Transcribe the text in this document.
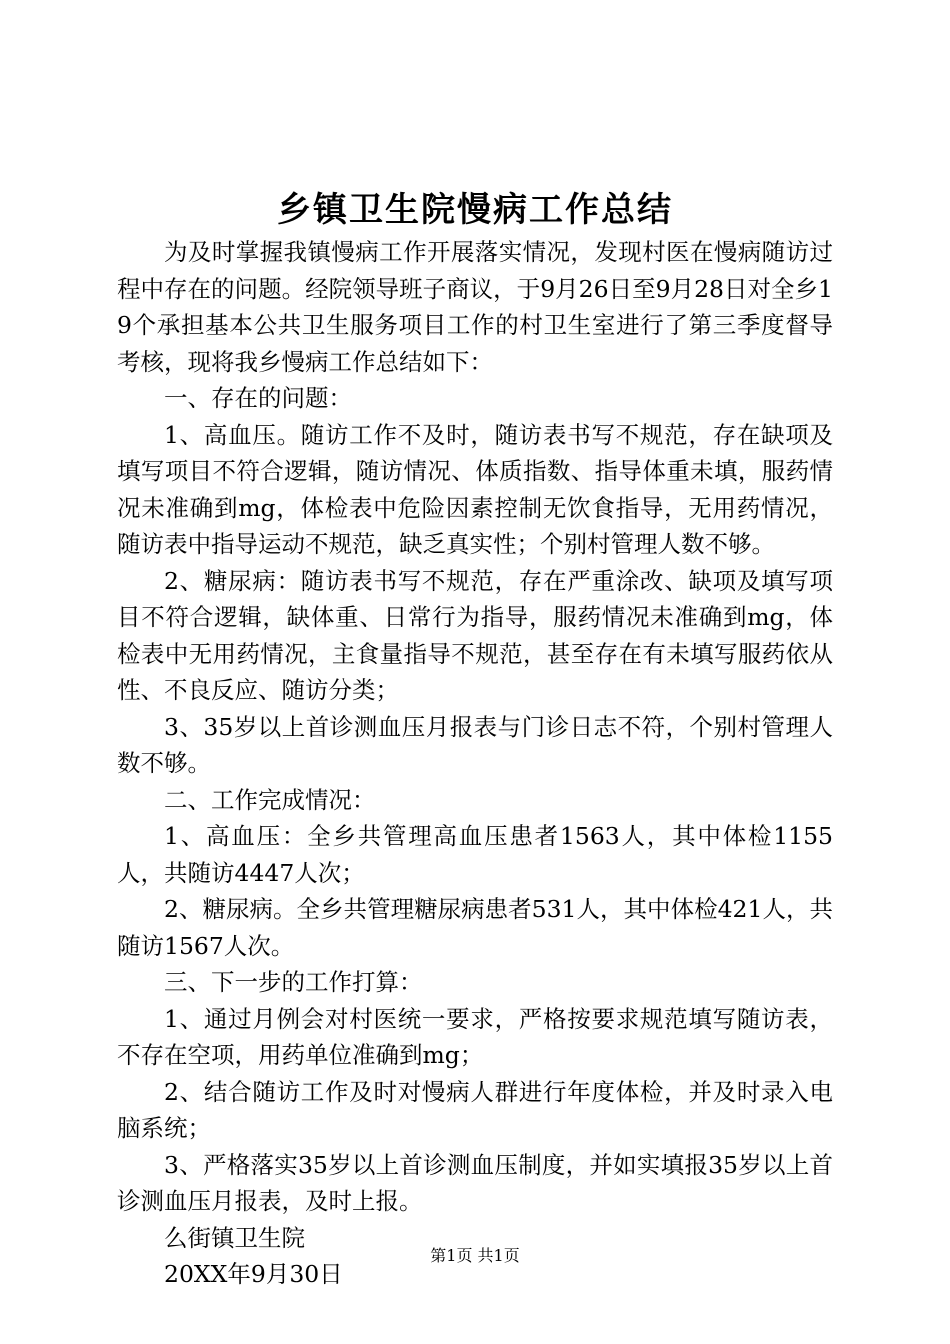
乡镇卫生院慢病工作总结

为及时掌握我镇慢病工作开展落实情况，发现村医在慢病随访过程中存在的问题。经院领导班子商议，于9月26日至9月28日对全乡19个承担基本公共卫生服务项目工作的村卫生室进行了第三季度督导考核，现将我乡慢病工作总结如下：

一、存在的问题：

1、高血压。随访工作不及时，随访表书写不规范，存在缺项及填写项目不符合逻辑，随访情况、体质指数、指导体重未填，服药情况未准确到mg，体检表中危险因素控制无饮食指导，无用药情况，随访表中指导运动不规范，缺乏真实性；个别村管理人数不够。

2、糖尿病：随访表书写不规范，存在严重涂改、缺项及填写项目不符合逻辑，缺体重、日常行为指导，服药情况未准确到mg，体检表中无用药情况，主食量指导不规范，甚至存在有未填写服药依从性、不良反应、随访分类；

3、35岁以上首诊测血压月报表与门诊日志不符，个别村管理人数不够。

二、工作完成情况：

1、高血压：全乡共管理高血压患者1563人，其中体检1155人，共随访4447人次；

2、糖尿病。全乡共管理糖尿病患者531人，其中体检421人，共随访1567人次。

三、下一步的工作打算：

1、通过月例会对村医统一要求，严格按要求规范填写随访表，不存在空项，用药单位准确到mg；

2、结合随访工作及时对慢病人群进行年度体检，并及时录入电脑系统；

3、严格落实35岁以上首诊测血压制度，并如实填报35岁以上首诊测血压月报表，及时上报。

么街镇卫生院

20XX年9月30日

第1页 共1页
